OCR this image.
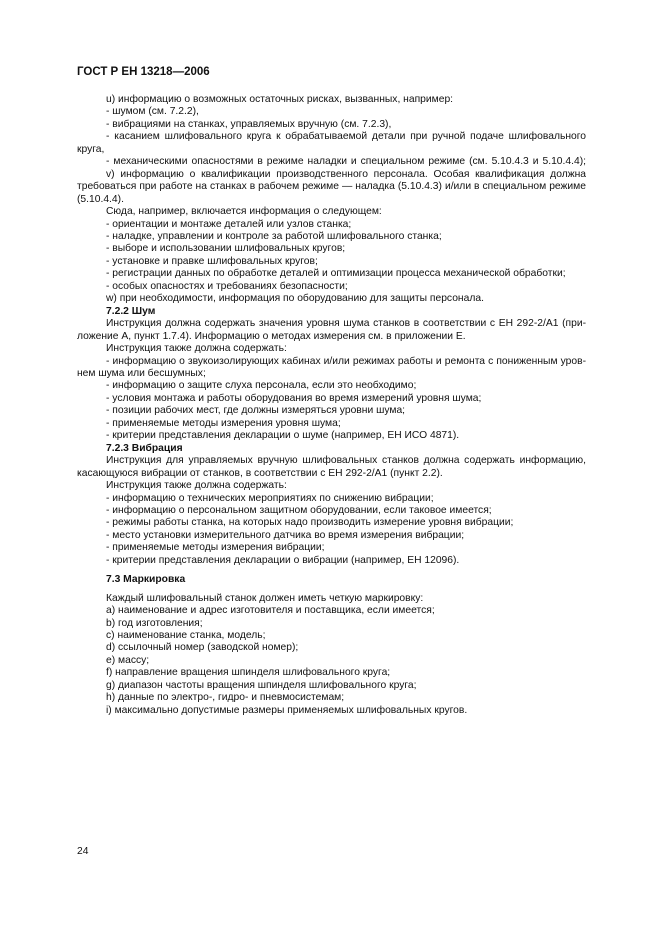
ГОСТ Р ЕН 13218—2006

u) информацию о возможных остаточных рисках, вызванных, например:

- шумом (см. 7.2.2),

- вибрациями на станках, управляемых вручную (см. 7.2.3),

- касанием шлифовального круга к обрабатываемой детали при ручной подаче шлифовального

круга,

- механическими опасностями в режиме наладки и специальном режиме (см. 5.10.4.3 и 5.10.4.4);

v) информацию о квалификации производственного персонала. Особая квалификация должна

требоваться при работе на станках в рабочем режиме — наладка (5.10.4.3) и/или в специальном режиме

(5.10.4.4).

Сюда, например, включается информация о следующем:

- ориентации и монтаже деталей или узлов станка;

- наладке, управлении и контроле за работой шлифовального станка;

- выборе и использовании шлифовальных кругов;

- установке и правке шлифовальных кругов;

- регистрации данных по обработке деталей и оптимизации процесса механической обработки;

- особых опасностях и требованиях безопасности;

w) при необходимости, информация по оборудованию для защиты персонала.

7.2.2 Шум

Инструкция должна содержать значения уровня шума станков в соответствии с ЕН 292-2/А1 (при-

ложение А, пункт 1.7.4). Информацию о методах измерения см. в приложении Е.

Инструкция также должна содержать:

- информацию о звукоизолирующих кабинах и/или режимах работы и ремонта с пониженным уров-

нем шума или бесшумных;

- информацию о защите слуха персонала, если это необходимо;

- условия монтажа и работы оборудования во время измерений уровня шума;

- позиции рабочих мест, где должны измеряться уровни шума;

- применяемые методы измерения уровня шума;

- критерии представления декларации о шуме (например, ЕН ИСО 4871).

7.2.3 Вибрация

Инструкция для управляемых вручную шлифовальных станков должна содержать информацию,

касающуюся вибрации от станков, в соответствии с ЕН 292-2/А1 (пункт 2.2).

Инструкция также должна содержать:

- информацию о технических мероприятиях по снижению вибрации;

- информацию о персональном защитном оборудовании, если таковое имеется;

- режимы работы станка, на которых надо производить измерение уровня вибрации;

- место установки измерительного датчика во время измерения вибрации;

- применяемые методы измерения вибрации;

- критерии представления декларации о вибрации (например, ЕН 12096).

7.3 Маркировка

Каждый шлифовальный станок должен иметь четкую маркировку:

a) наименование и адрес изготовителя и поставщика, если имеется;

b) год изготовления;

c) наименование станка, модель;

d) ссылочный номер (заводской номер);

e) массу;

f) направление вращения шпинделя шлифовального круга;

g) диапазон частоты вращения шпинделя шлифовального круга;

h) данные по электро-, гидро- и пневмосистемам;

i) максимально допустимые размеры применяемых шлифовальных кругов.

24
